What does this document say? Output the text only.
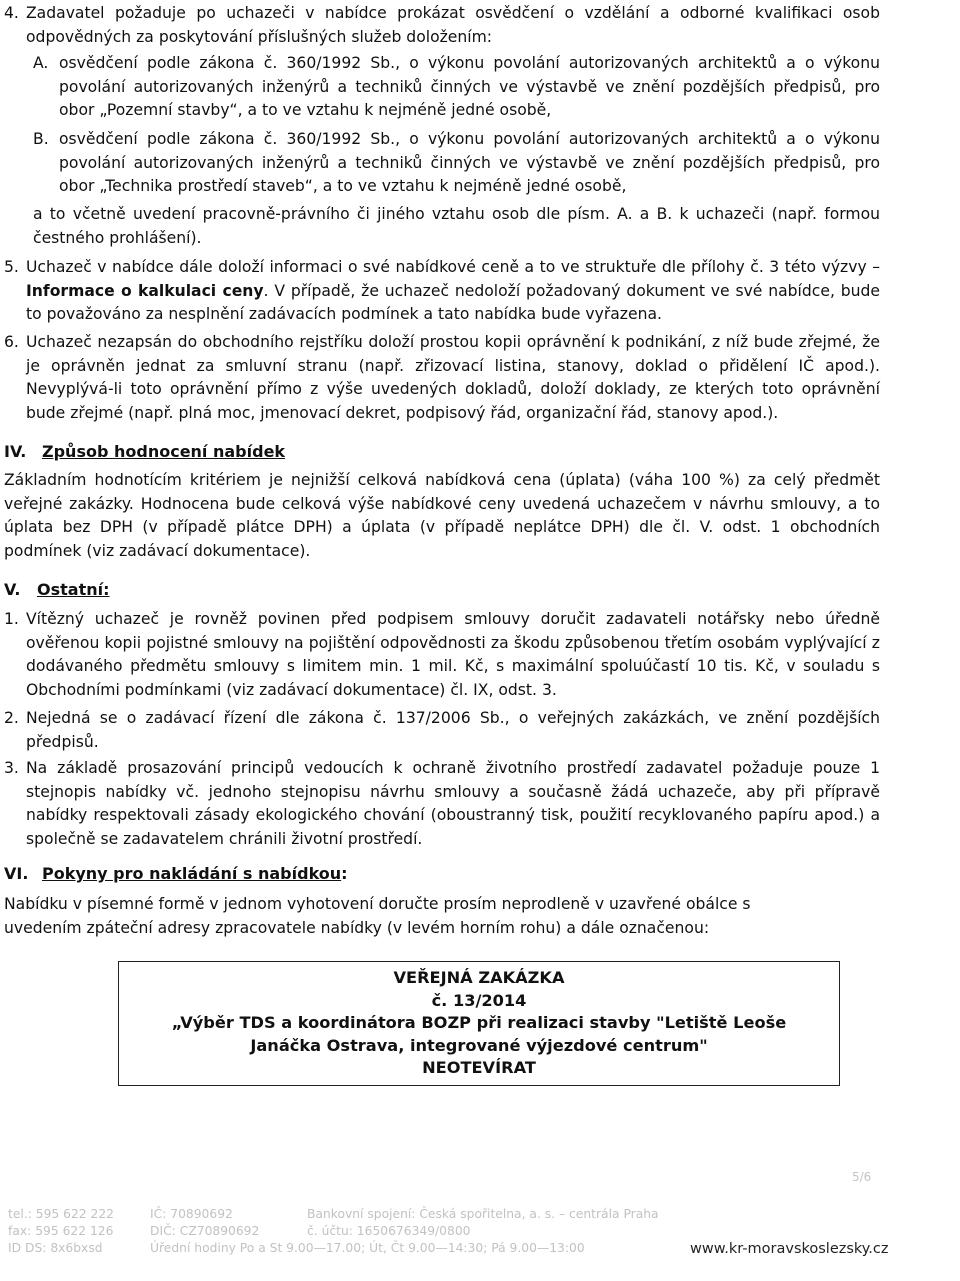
4. Zadavatel požaduje po uchazeči v nabídce prokázat osvědčení o vzdělání a odborné kvalifikaci osob odpovědných za poskytování příslušných služeb doložením:

A. osvědčení podle zákona č. 360/1992 Sb., o výkonu povolání autorizovaných architektů a o výkonu povolání autorizovaných inženýrů a techniků činných ve výstavbě ve znění pozdějších předpisů, pro obor „Pozemní stavby“, a to ve vztahu k nejméně jedné osobě,

B. osvědčení podle zákona č. 360/1992 Sb., o výkonu povolání autorizovaných architektů a o výkonu povolání autorizovaných inženýrů a techniků činných ve výstavbě ve znění pozdějších předpisů, pro obor „Technika prostředí staveb“, a to ve vztahu k nejméně jedné osobě,

a to včetně uvedení pracovně-právního či jiného vztahu osob dle písm. A. a B. k uchazeči (např. formou čestného prohlášení).

5. Uchazeč v nabídce dále doloží informaci o své nabídkové ceně a to ve struktuře dle přílohy č. 3 této výzvy – Informace o kalkulaci ceny. V případě, že uchazeč nedoloží požadovaný dokument ve své nabídce, bude to považováno za nesplnění zadávacích podmínek a tato nabídka bude vyřazena.

6. Uchazeč nezapsán do obchodního rejstříku doloží prostou kopii oprávnění k podnikání, z níž bude zřejmé, že je oprávněn jednat za smluvní stranu (např. zřizovací listina, stanovy, doklad o přidělení IČ apod.). Nevyplývá-li toto oprávnění přímo z výše uvedených dokladů, doloží doklady, ze kterých toto oprávnění bude zřejmé (např. plná moc, jmenovací dekret, podpisový řád, organizační řád, stanovy apod.).

IV. Způsob hodnocení nabídek

Základním hodnotícím kritériem je nejnižší celková nabídková cena (úplata) (váha 100 %) za celý předmět veřejné zakázky. Hodnocena bude celková výše nabídkové ceny uvedená uchazečem v návrhu smlouvy, a to úplata bez DPH (v případě plátce DPH) a úplata (v případě neplátce DPH) dle čl. V. odst. 1 obchodních podmínek (viz zadávací dokumentace).

V. Ostatní:
1. Vítězný uchazeč je rovněž povinen před podpisem smlouvy doručit zadavateli notářsky nebo úředně ověřenou kopii pojistné smlouvy na pojištění odpovědnosti za škodu způsobenou třetím osobám vyplývající z dodávaného předmětu smlouvy s limitem min. 1 mil. Kč, s maximální spoluúčastí 10 tis. Kč, v souladu s Obchodními podmínkami (viz zadávací dokumentace) čl. IX, odst. 3.

2. Nejedná se o zadávací řízení dle zákona č. 137/2006 Sb., o veřejných zakázkách, ve znění pozdějších předpisů.

3. Na základě prosazování principů vedoucích k ochraně životního prostředí zadavatel požaduje pouze 1 stejnopis nabídky vč. jednoho stejnopisu návrhu smlouvy a současně žádá uchazeče, aby při přípravě nabídky respektovali zásady ekologického chování (oboustranný tisk, použití recyklovaného papíru apod.) a společně se zadavatelem chránili životní prostředí.

VI. Pokyny pro nakládání s nabídkou:

Nabídku v písemné formě v jednom vyhotovení doručte prosím neprodleně v uzavřené obálce s uvedením zpáteční adresy zpracovatele nabídky (v levém horním rohu) a dále označenou:

VEŘEJNÁ ZAKÁZKA

č. 13/2014

„Výběr TDS a koordinátora BOZP při realizaci stavby "Letiště Leoše

Janáčka Ostrava, integrované výjezdové centrum"

NEOTEVÍRAT

5/6

tel.: 595 622 222

fax: 595 622 126

ID DS: 8x6bxsd

IČ: 70890692

DIČ: CZ70890692

Úřední hodiny Po a St 9.00—17.00; Út, Čt 9.00—14:30; Pá 9.00—13:00

Bankovní spojení: Česká spořitelna, a. s. – centrála Praha

č. účtu: 1650676349/0800

www.kr-moravskoslezsky.cz
